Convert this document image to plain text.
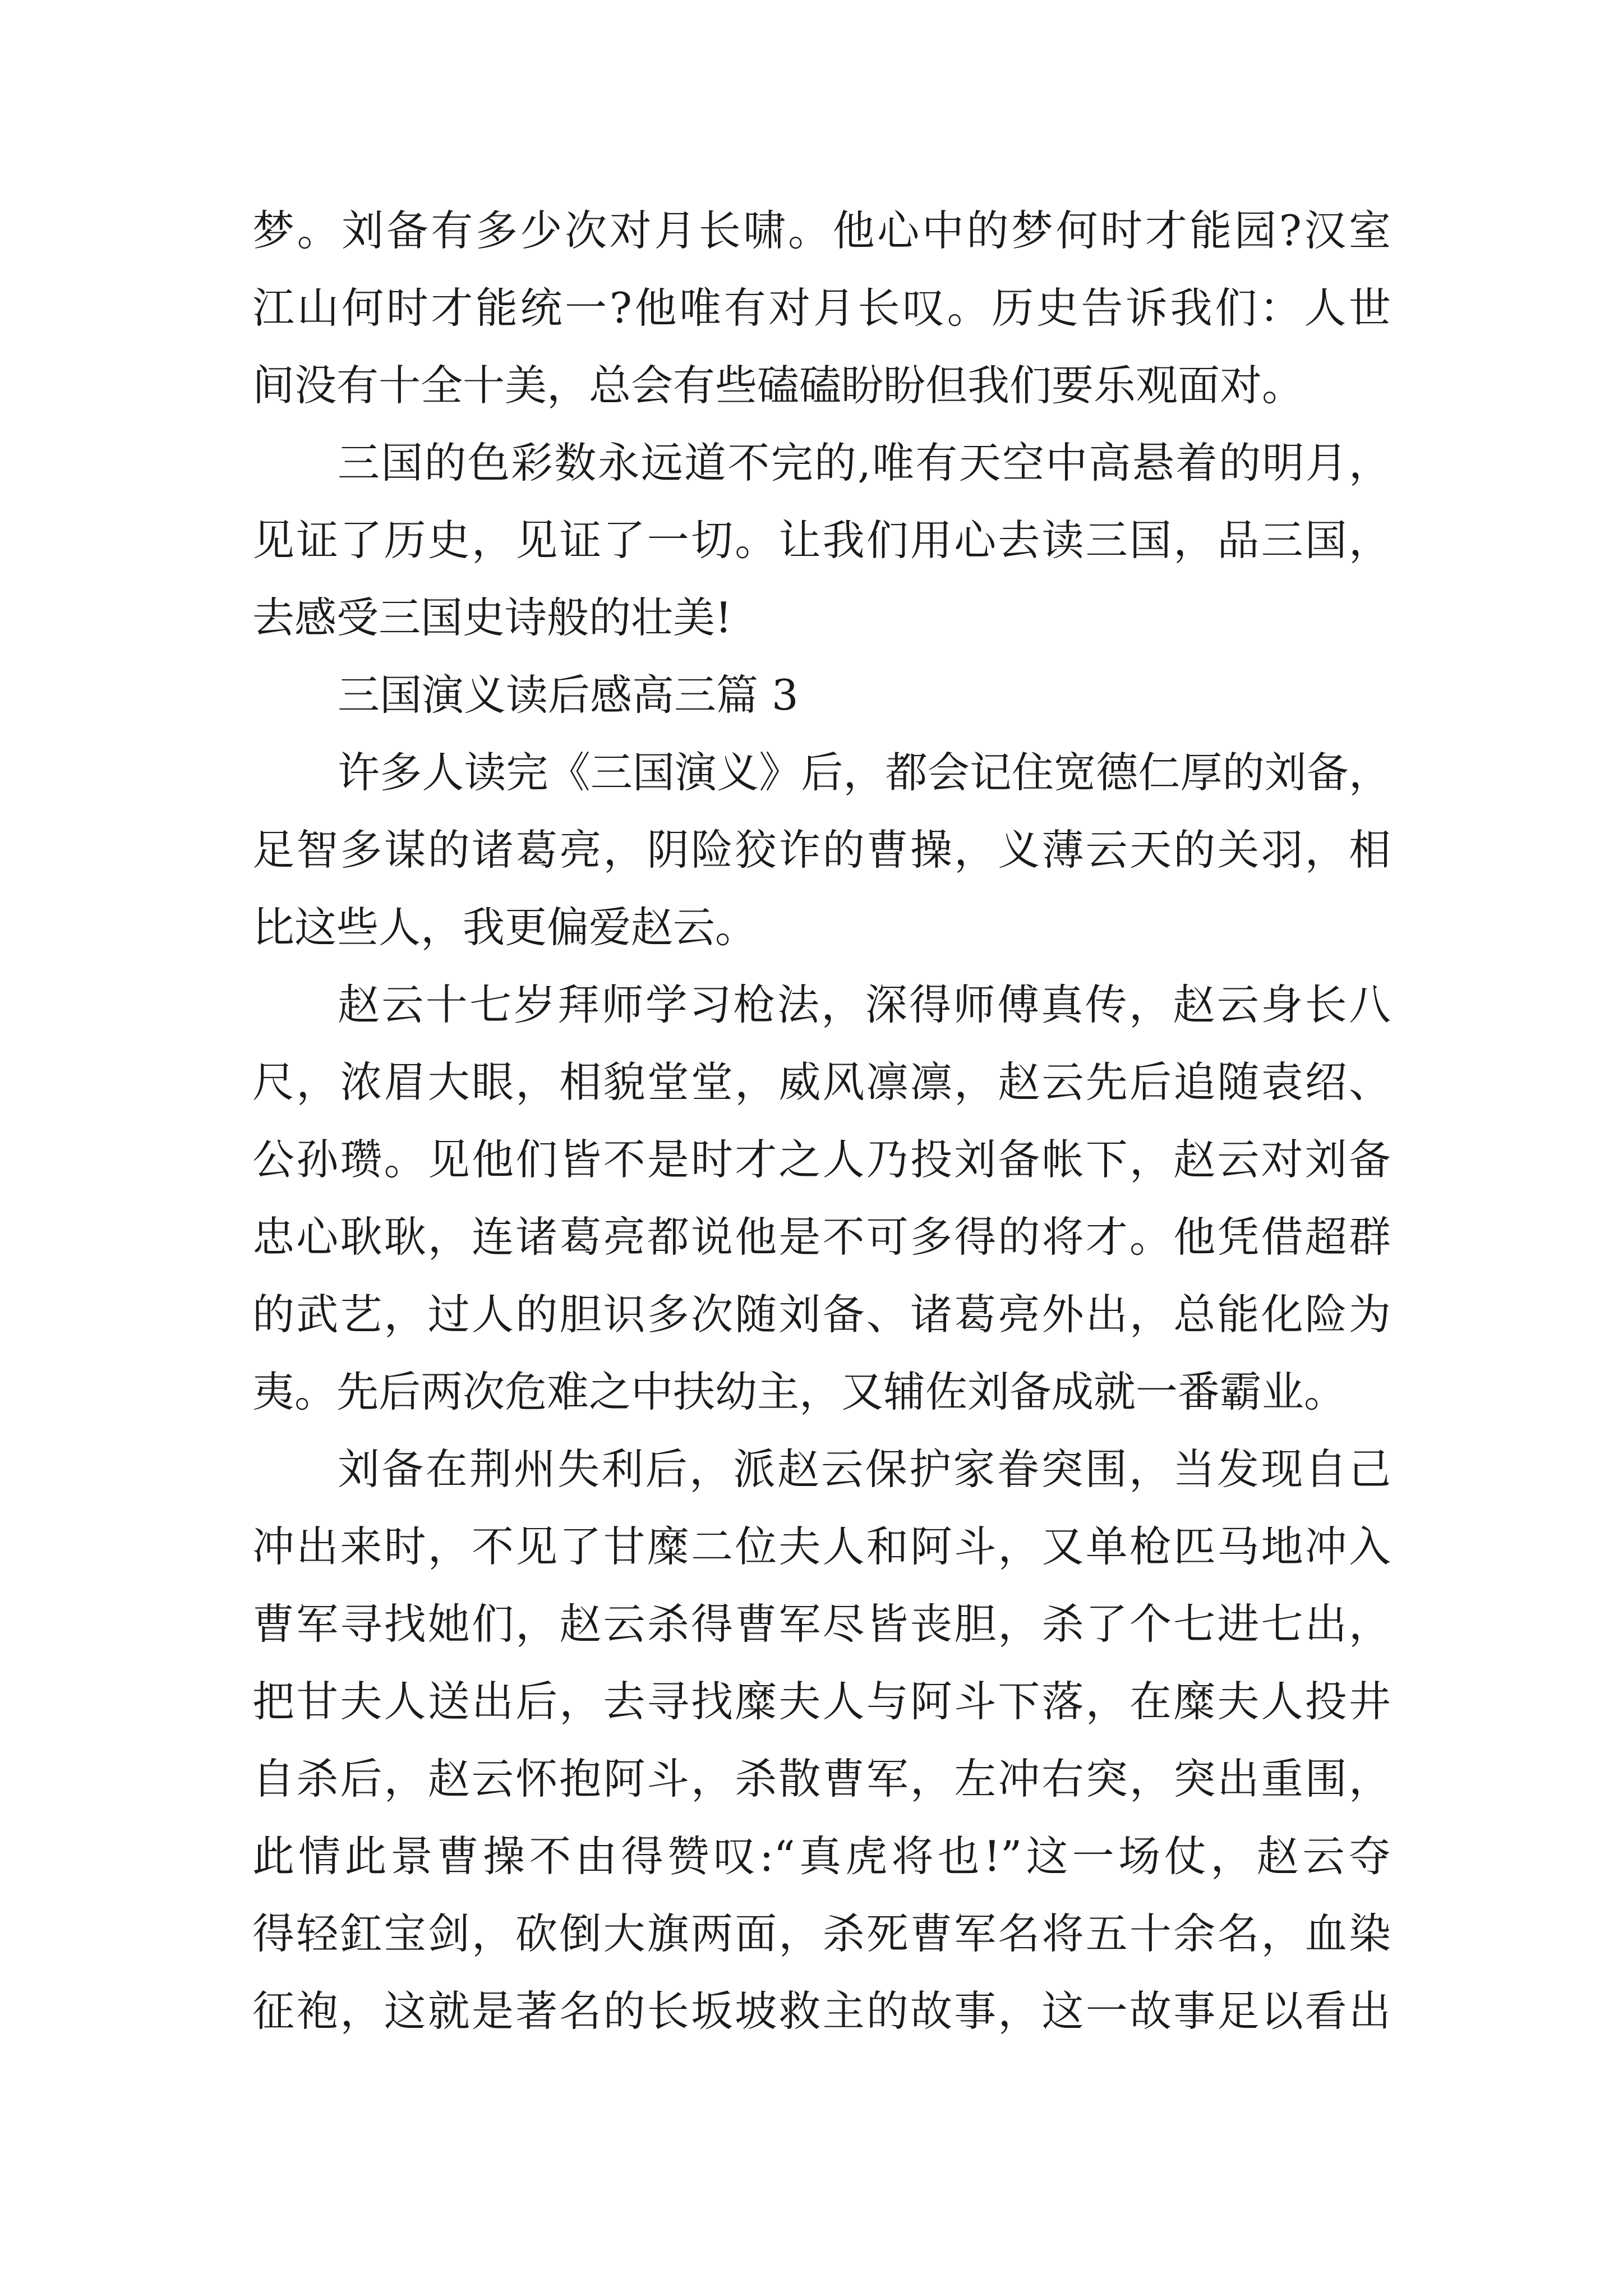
梦。刘备有多少次对月长啸。他心中的梦何时才能园?汉室
江山何时才能统一?他唯有对月长叹。历史告诉我们：人世
间没有十全十美，总会有些磕磕盼盼但我们要乐观面对。
三国的色彩数永远道不完的,唯有天空中高悬着的明月，
见证了历史，见证了一切。让我们用心去读三国，品三国，
去感受三国史诗般的壮美!
三国演义读后感高三篇 3
许多人读完《三国演义》后，都会记住宽德仁厚的刘备，
足智多谋的诸葛亮，阴险狡诈的曹操，义薄云天的关羽，相
比这些人，我更偏爱赵云。
赵云十七岁拜师学习枪法，深得师傅真传，赵云身长八
尺，浓眉大眼，相貌堂堂，威风凛凛，赵云先后追随袁绍、
公孙瓒。见他们皆不是时才之人乃投刘备帐下，赵云对刘备
忠心耿耿，连诸葛亮都说他是不可多得的将才。他凭借超群
的武艺，过人的胆识多次随刘备、诸葛亮外出，总能化险为
夷。先后两次危难之中扶幼主，又辅佐刘备成就一番霸业。
刘备在荆州失利后，派赵云保护家眷突围，当发现自己
冲出来时，不见了甘糜二位夫人和阿斗，又单枪匹马地冲入
曹军寻找她们，赵云杀得曹军尽皆丧胆，杀了个七进七出，
把甘夫人送出后，去寻找糜夫人与阿斗下落，在糜夫人投井
自杀后，赵云怀抱阿斗，杀散曹军，左冲右突，突出重围，
此情此景曹操不由得赞叹:“真虎将也!”这一场仗，赵云夺
得轻釭宝剑，砍倒大旗两面，杀死曹军名将五十余名，血染
征袍，这就是著名的长坂坡救主的故事，这一故事足以看出
